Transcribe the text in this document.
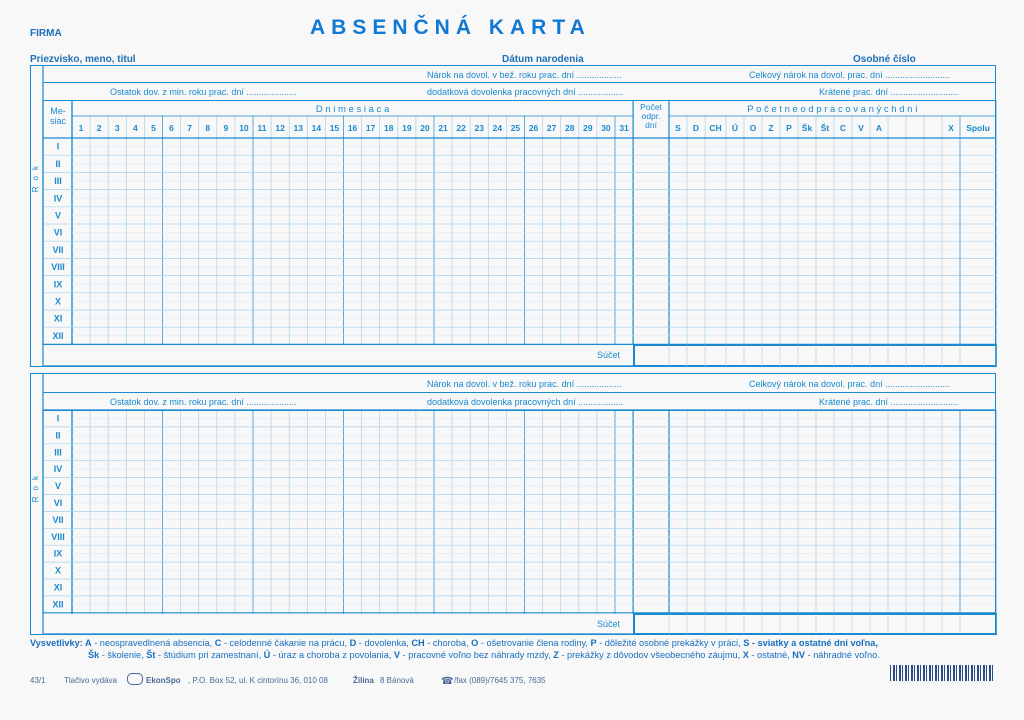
FIRMA	ABSENČNÁ KARTA
Priezvisko, meno, titul	Dátum narodenia	Osobné číslo
Nárok na dovol. v bež. roku prac. dní ..................	Celkový nárok na dovol. prac. dní ..........................
Ostatok dov. z min. roku prac. dní ....................	dodatková dovolenka pracovných dní ..................	Krátené prac. dní ...........................
Rok
I
II
III
IV
V
VI
VII
VIII
IX
X
XI
XII
Me-
siac
D n i m e s i a c a
1 2 3 4 5 6 7 8 9 10 11 12 13 14 15 16 17 18 19 20 21 22 23 24 25 26 27 28 29 30 31
Počet
odpr.
dní
P o č e t n e o d p r a c o v a n ý c h d n í
S D CH Ú O Z P Šk Št C V A	X Spolu
Súčet
I
II
III
IV
V
VI
VII
VIII
IX
X
XI
XII
Súčet
Nárok na dovol. v bež. roku prac. dní ..................	Celkový nárok na dovol. prac. dní ..........................
Ostatok dov. z min. roku prac. dní ....................	dodatková dovolenka pracovných dní ..................	Krátené prac. dní ...........................
Rok
Vysvetlivky: A - neospravedlnená absencia, C - celodenné čakanie na prácu, D - dovolenka, CH - choroba, O - ošetrovanie člena rodiny, P - dôležité osobné prekážky v práci, S - sviatky a ostatné dni voľna,
Šk - školenie, Št - štúdium pri zamestnaní, Ú - úraz a choroba z povolania, V - pracovné voľno bez náhrady mzdy, Z - prekážky z dôvodov všeobecného záujmu, X - ostatné, NV - náhradné voľno.
43/1 Tlačivo vydáva	EkonSpo , P.O. Box 52, ul. K cintorínu 36, 010 08	Žilina 8 Bánová	☎ /fax (089)/7645 375, 7635
